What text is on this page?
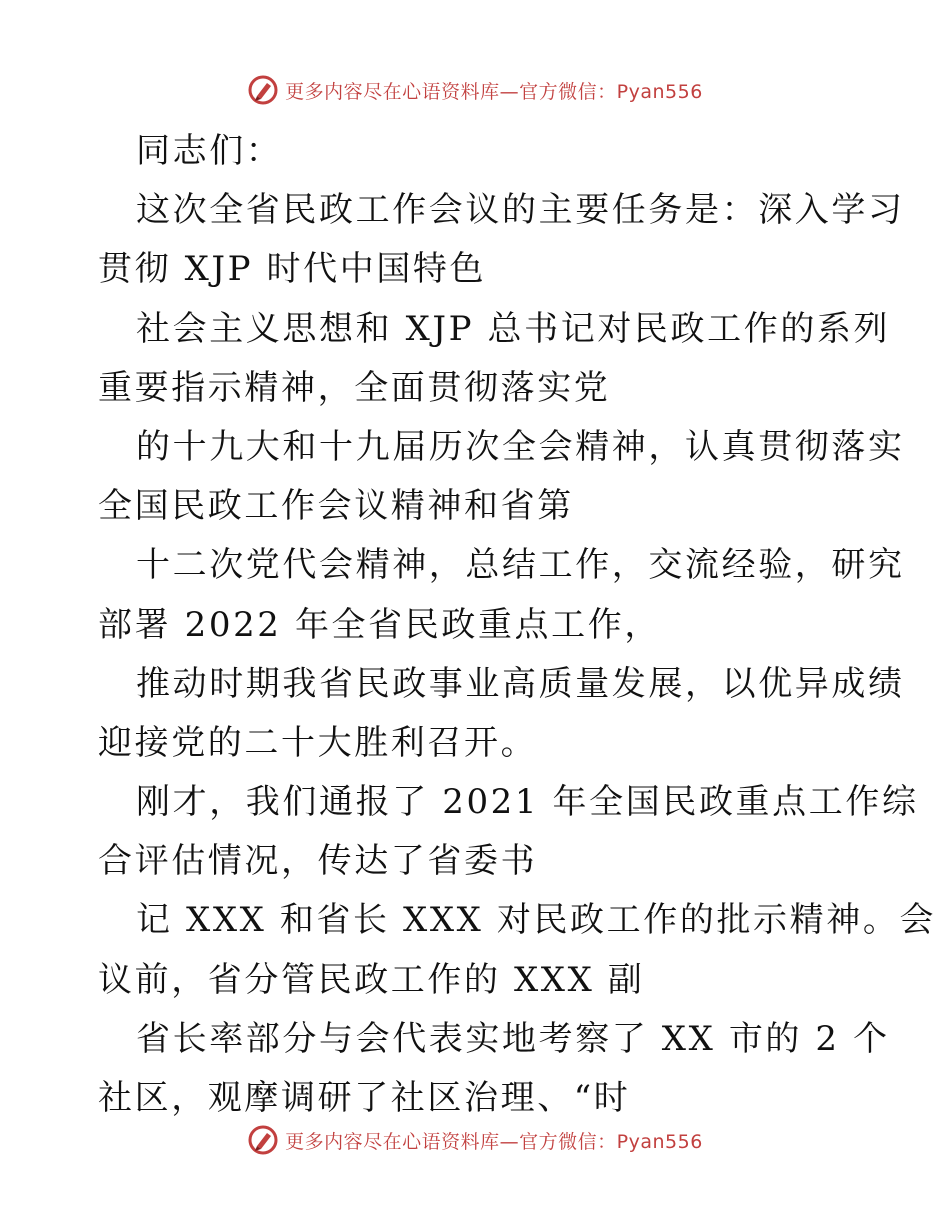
更多内容尽在心语资料库—官方微信：Pyan556
同志们：
这次全省民政工作会议的主要任务是：深入学习
贯彻 XJP 时代中国特色
社会主义思想和 XJP 总书记对民政工作的系列
重要指示精神，全面贯彻落实党
的十九大和十九届历次全会精神，认真贯彻落实
全国民政工作会议精神和省第
十二次党代会精神，总结工作，交流经验，研究
部署 2022 年全省民政重点工作，
推动时期我省民政事业高质量发展，以优异成绩
迎接党的二十大胜利召开。
刚才，我们通报了 2021 年全国民政重点工作综
合评估情况，传达了省委书
记 XXX 和省长 XXX 对民政工作的批示精神。会
议前，省分管民政工作的 XXX 副
省长率部分与会代表实地考察了 XX 市的 2 个
社区，观摩调研了社区治理、“时
更多内容尽在心语资料库—官方微信：Pyan556
